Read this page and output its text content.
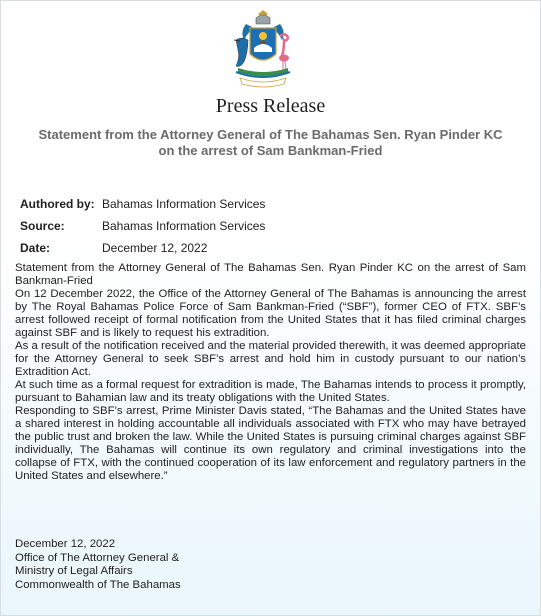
Press Release
Statement from the Attorney General of The Bahamas Sen. Ryan Pinder KC
on the arrest of Sam Bankman-Fried
Authored by: Bahamas Information Services
Source:	Bahamas Information Services
Date:	December 12, 2022

Statement from the Attorney General of The Bahamas Sen. Ryan Pinder KC on the arrest of Sam Bankman-Fried

On 12 December 2022, the Office of the Attorney General of The Bahamas is announcing the arrest by The Royal Bahamas Police Force of Sam Bankman-Fried (“SBF”), former CEO of FTX. SBF’s arrest followed receipt of formal notification from the United States that it has filed criminal charges against SBF and is likely to request his extradition.

As a result of the notification received and the material provided therewith, it was deemed appropriate for the Attorney General to seek SBF’s arrest and hold him in custody pursuant to our nation’s Extradition Act.

At such time as a formal request for extradition is made, The Bahamas intends to process it promptly, pursuant to Bahamian law and its treaty obligations with the United States.

Responding to SBF’s arrest, Prime Minister Davis stated, “The Bahamas and the United States have a shared interest in holding accountable all individuals associated with FTX who may have betrayed the public trust and broken the law. While the United States is pursuing criminal charges against SBF individually, The Bahamas will continue its own regulatory and criminal investigations into the collapse of FTX, with the continued cooperation of its law enforcement and regulatory partners in the United States and elsewhere.”

December 12, 2022
Office of The Attorney General &
Ministry of Legal Affairs
Commonwealth of The Bahamas
